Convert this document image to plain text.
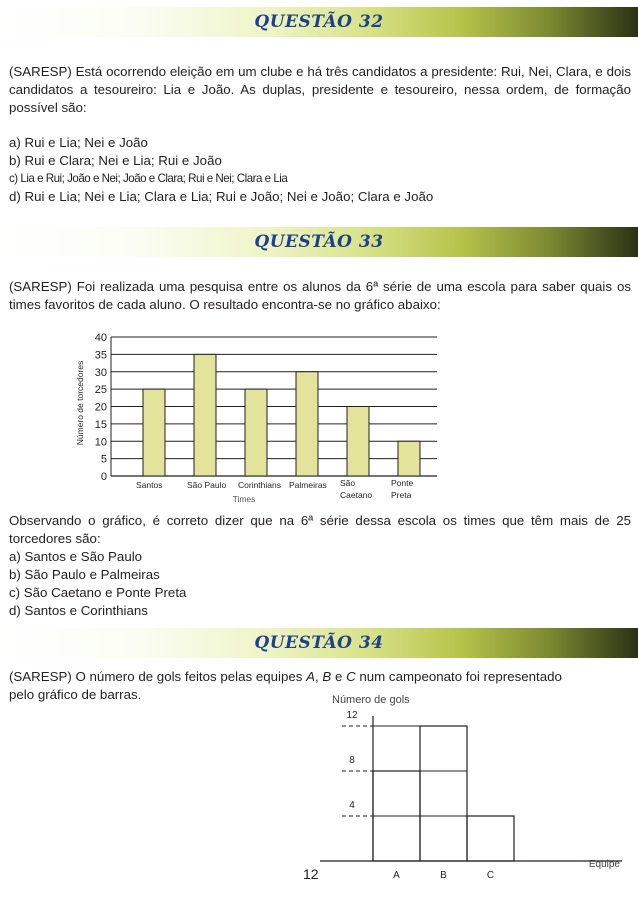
QUESTÃO 32

(SARESP) Está ocorrendo eleição em um clube e há três candidatos a presidente: Rui, Nei, Clara, e dois candidatos a tesoureiro: Lia e João. As duplas, presidente e tesoureiro, nessa ordem, de formação possível são:

a) Rui e Lia; Nei e João
b) Rui e Clara; Nei e Lia; Rui e João
c) Lia e Rui; João e Nei; João e Clara; Rui e Nei; Clara e Lia
d) Rui e Lia; Nei e Lia; Clara e Lia; Rui e João; Nei e João; Clara e João
QUESTÃO 33

(SARESP) Foi realizada uma pesquisa entre os alunos da 6ª série de uma escola para saber quais os times favoritos de cada aluno. O resultado encontra-se no gráfico abaixo:

0
5
10
15
20
25
30
35
40
Santos	São Paulo Corinthians Palmeiras São
Caetano
Ponte
Preta
Número de torcedores
Times

Observando o gráfico, é correto dizer que na 6ª série dessa escola os times que têm mais de 25 torcedores são:

a) Santos e São Paulo
b) São Paulo e Palmeiras
c) São Caetano e Ponte Preta
d) Santos e Corinthians
QUESTÃO 34
(SARESP) O número de gols feitos pelas equipes A, B e C num campeonato foi representado
pelo gráfico de barras.	Número de gols
4
8
12
A	B	C
Equipe
12
